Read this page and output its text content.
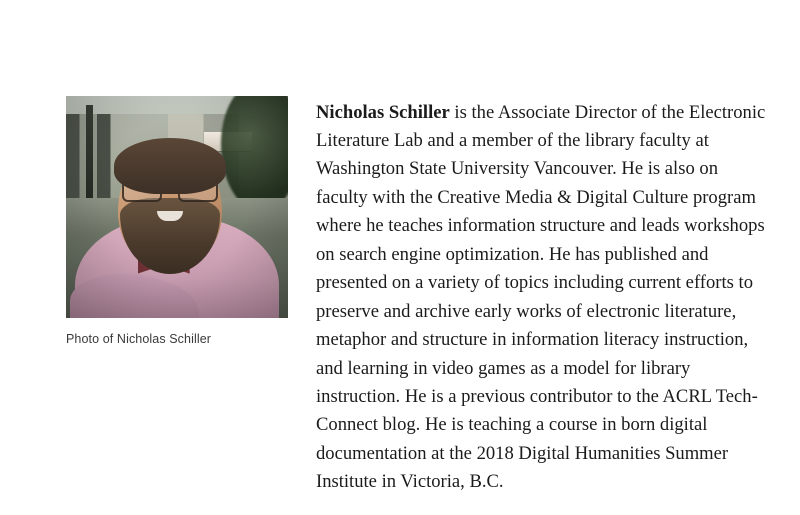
Photo of Nicholas Schiller

Nicholas Schiller is the Associate Director of the Electronic Literature Lab and a member of the library faculty at Washington State University Vancouver. He is also on faculty with the Creative Media & Digital Culture program where he teaches information structure and leads workshops on search engine optimization. He has published and presented on a variety of topics including current efforts to preserve and archive early works of electronic literature, metaphor and structure in information literacy instruction, and learning in video games as a model for library instruction. He is a previous contributor to the ACRL Tech-Connect blog. He is teaching a course in born digital documentation at the 2018 Digital Humanities Summer Institute in Victoria, B.C.
